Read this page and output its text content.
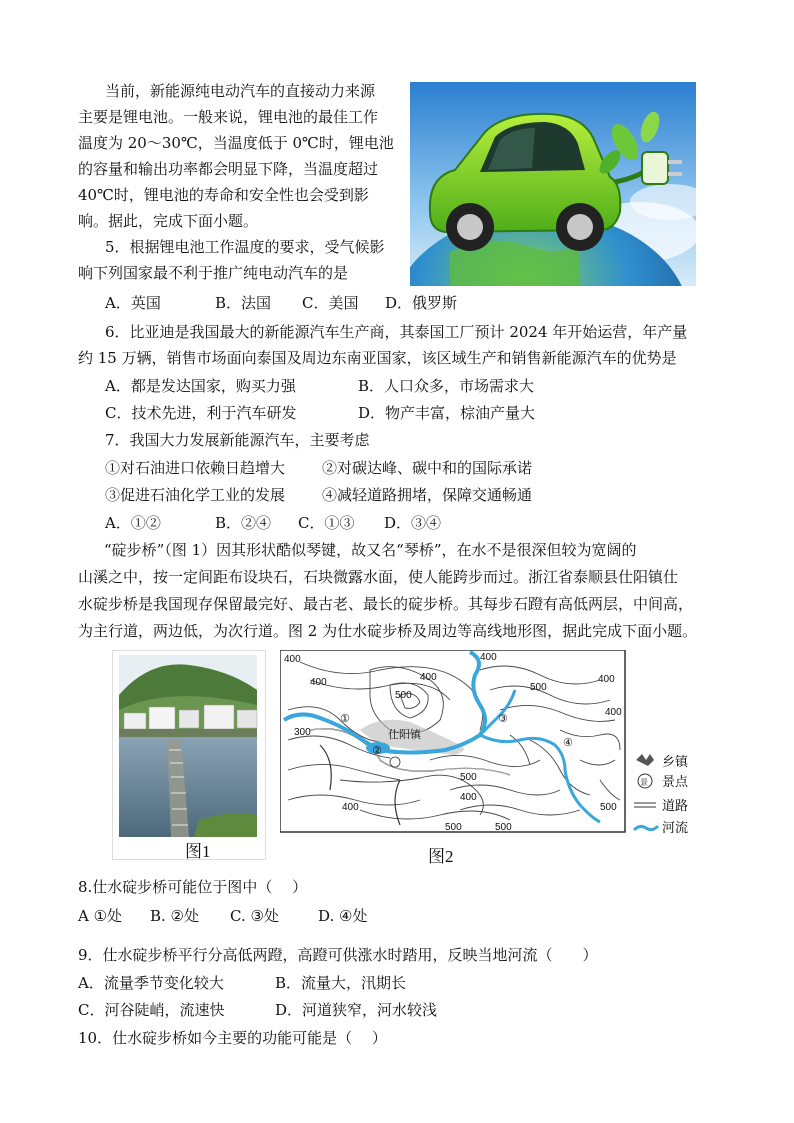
当前，新能源纯电动汽车的直接动力来源
主要是锂电池。一般来说，锂电池的最佳工作
温度为 20～30℃，当温度低于 0℃时，锂电池
的容量和输出功率都会明显下降，当温度超过
40℃时，锂电池的寿命和安全性也会受到影
响。据此，完成下面小题。
5．根据锂电池工作温度的要求，受气候影
响下列国家最不利于推广纯电动汽车的是
A．英国	B．法国 C．美国 D．俄罗斯
6．比亚迪是我国最大的新能源汽车生产商，其泰国工厂预计 2024 年开始运营，年产量
约 15 万辆，销售市场面向泰国及周边东南亚国家，该区域生产和销售新能源汽车的优势是
A．都是发达国家，购买力强	B．人口众多，市场需求大
C．技术先进，利于汽车研发	D．物产丰富，棕油产量大
7．我国大力发展新能源汽车，主要考虑
①对石油进口依赖日趋增大 ②对碳达峰、碳中和的国际承诺
③促进石油化学工业的发展 ④减轻道路拥堵，保障交通畅通
A．①②	B．②④ C．①③ D．③④
“碇步桥”（图 1）因其形状酷似琴键，故又名“琴桥”，在水不是很深但较为宽阔的
山溪之中，按一定间距布设块石，石块微露水面，使人能跨步而过。浙江省泰顺县仕阳镇仕
水碇步桥是我国现存保留最完好、最古老、最长的碇步桥。其每步石蹬有高低两层，中间高，
为主行道，两边低，为次行道。图 2 为仕水碇步桥及周边等高线地形图，据此完成下面小题。
图1
400	400
500
400
300
400	500
400
400
500
500
400
400	500
500
仕阳镇
①
②
③
④
乡镇
景 景点
道路
河流
图2
8.仕水碇步桥可能位于图中（　 ）
A ①处 B. ②处 C. ③处	D. ④处
9．仕水碇步桥平行分高低两蹬，高蹬可供涨水时踏用，反映当地河流（　　）
A．流量季节变化较大	B．流量大，汛期长
C．河谷陡峭，流速快	D．河道狭窄，河水较浅
10．仕水碇步桥如今主要的功能可能是（　 ）
